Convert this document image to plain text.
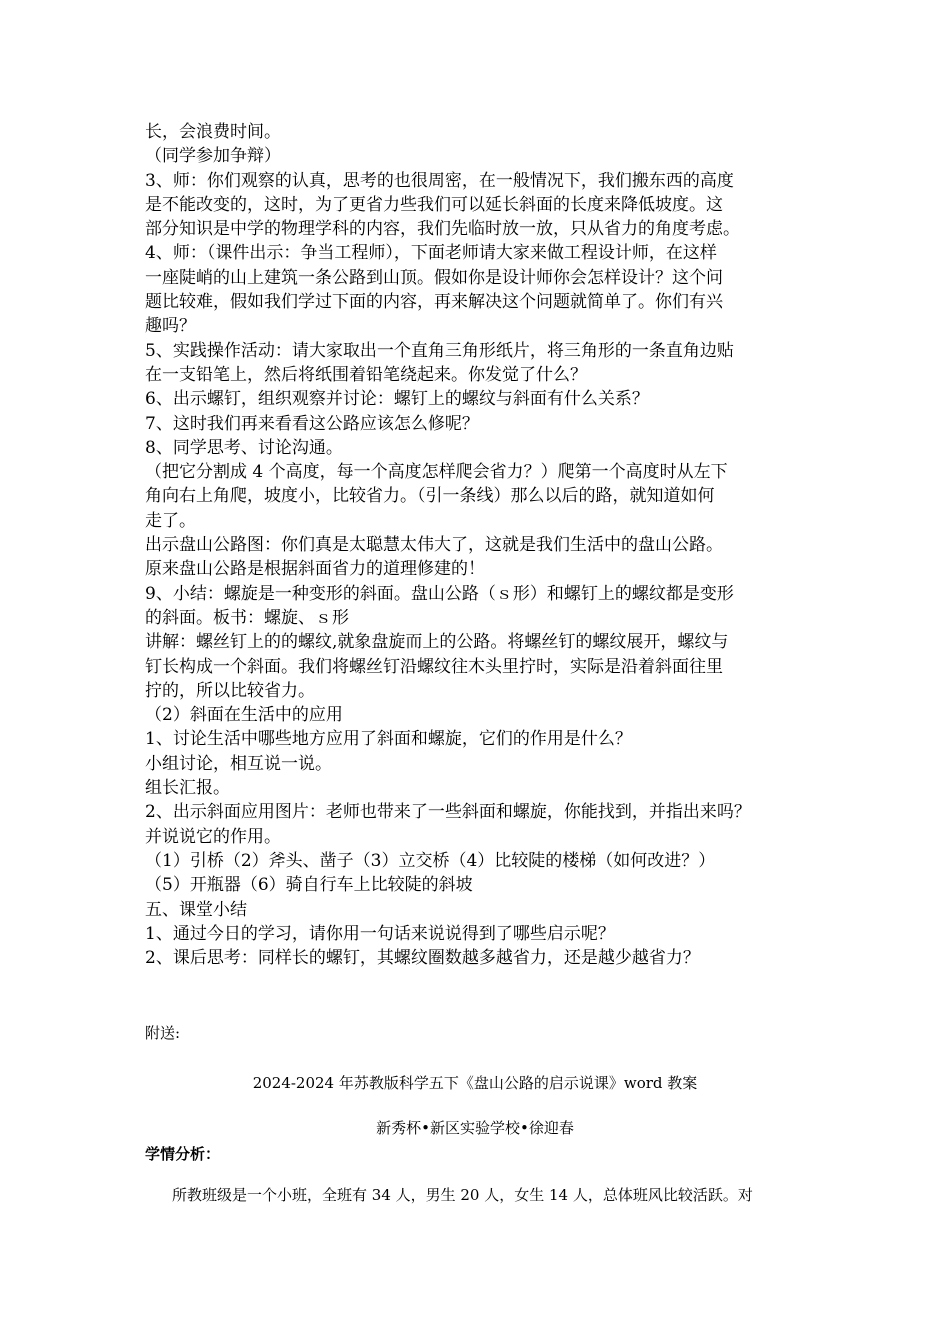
长，会浪费时间。

（同学参加争辩）

3、师：你们观察的认真，思考的也很周密，在一般情况下，我们搬东西的高度

是不能改变的，这时，为了更省力些我们可以延长斜面的长度来降低坡度。这

部分知识是中学的物理学科的内容，我们先临时放一放，只从省力的角度考虑。

4、师：（课件出示：争当工程师），下面老师请大家来做工程设计师，在这样

一座陡峭的山上建筑一条公路到山顶。假如你是设计师你会怎样设计？这个问

题比较难，假如我们学过下面的内容，再来解决这个问题就简单了。你们有兴

趣吗？

5、实践操作活动：请大家取出一个直角三角形纸片，将三角形的一条直角边贴

在一支铅笔上，然后将纸围着铅笔绕起来。你发觉了什么？

6、出示螺钉，组织观察并讨论：螺钉上的螺纹与斜面有什么关系？

7、这时我们再来看看这公路应该怎么修呢？

8、同学思考、讨论沟通。

（把它分割成 4 个高度，每一个高度怎样爬会省力？）爬第一个高度时从左下

角向右上角爬，坡度小，比较省力。（引一条线）那么以后的路，就知道如何

走了。

出示盘山公路图：你们真是太聪慧太伟大了，这就是我们生活中的盘山公路。

原来盘山公路是根据斜面省力的道理修建的！

9、小结：螺旋是一种变形的斜面。盘山公路（ｓ形）和螺钉上的螺纹都是变形

的斜面。板书：螺旋、ｓ形

讲解：螺丝钉上的的螺纹,就象盘旋而上的公路。将螺丝钉的螺纹展开，螺纹与

钉长构成一个斜面。我们将螺丝钉沿螺纹往木头里拧时，实际是沿着斜面往里

拧的，所以比较省力。

（2）斜面在生活中的应用

1、讨论生活中哪些地方应用了斜面和螺旋，它们的作用是什么？

小组讨论，相互说一说。

组长汇报。

2、出示斜面应用图片：老师也带来了一些斜面和螺旋，你能找到，并指出来吗？

并说说它的作用。

（1）引桥（2）斧头、凿子（3）立交桥（4）比较陡的楼梯（如何改进？）

（5）开瓶器（6）骑自行车上比较陡的斜坡

五、课堂小结

1、通过今日的学习，请你用一句话来说说得到了哪些启示呢？

2、课后思考：同样长的螺钉，其螺纹圈数越多越省力，还是越少越省力？

附送:
2024-2024 年苏教版科学五下《盘山公路的启示说课》word 教案
新秀杯•新区实验学校•徐迎春
学情分析：
所教班级是一个小班，全班有 34 人，男生 20 人，女生 14 人，总体班风比较活跃。对
